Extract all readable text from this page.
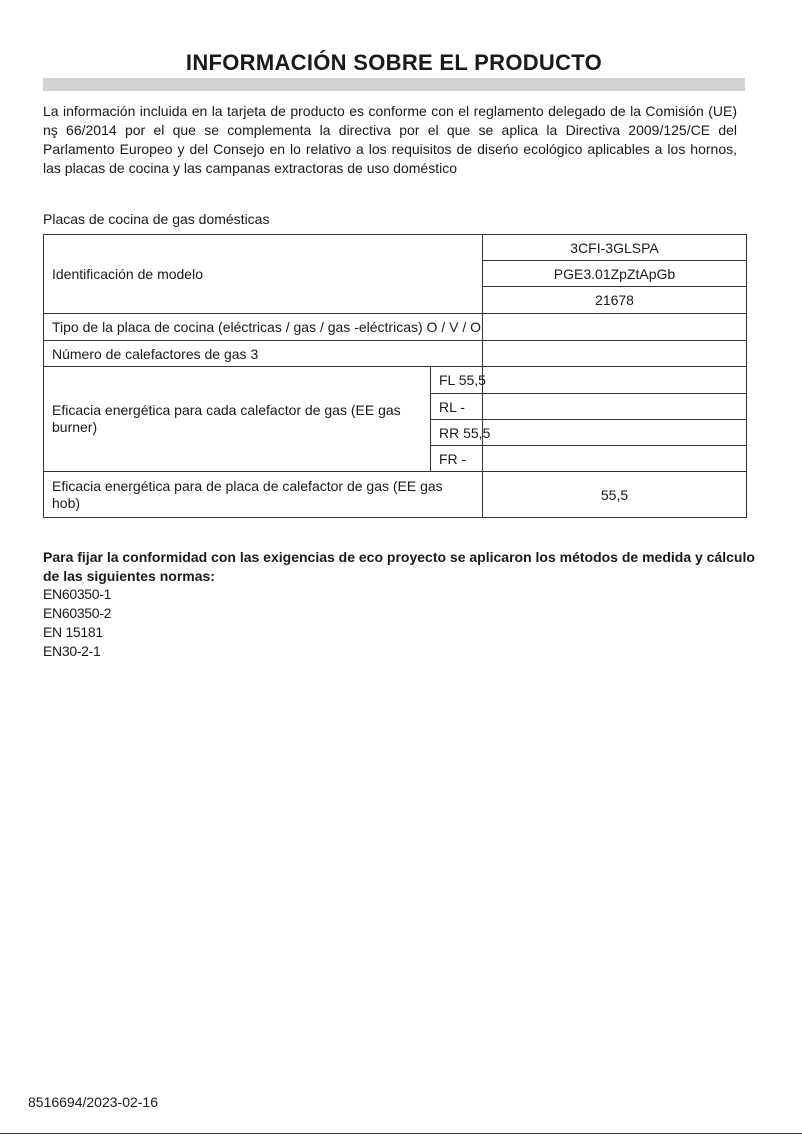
INFORMACIÓN SOBRE EL PRODUCTO
La información incluida en la tarjeta de producto es conforme con el reglamento delegado de la Comisión (UE) nş 66/2014 por el que se complementa la directiva por el que se aplica la Directiva 2009/125/CE del Parlamento Europeo y del Consejo en lo relativo a los requisitos de diseńo ecológico aplicables a los hornos, las placas de cocina y las campanas extractoras de uso doméstico
Placas de cocina de gas domésticas
Identificación de modelo		3CFI-3GLSPA
		PGE3.01ZpZtApGb
		21678
Tipo de la placa de cocina (eléctricas / gas / gas -eléctricas) O / V / O		
Número de calefactores de gas 3		
Eficacia energética para cada calefactor de gas (EE gas burner)	FL 55,5	
	RL -	
	RR 55,5	
	FR -	
Eficacia energética para de placa de calefactor de gas (EE gas hob)		55,5
Para fijar la conformidad con las exigencias de eco proyecto se aplicaron los métodos de medida y cálculo de las siguientes normas:
EN60350-1
EN60350-2
EN 15181
EN30-2-1
8516694/2023-02-16
